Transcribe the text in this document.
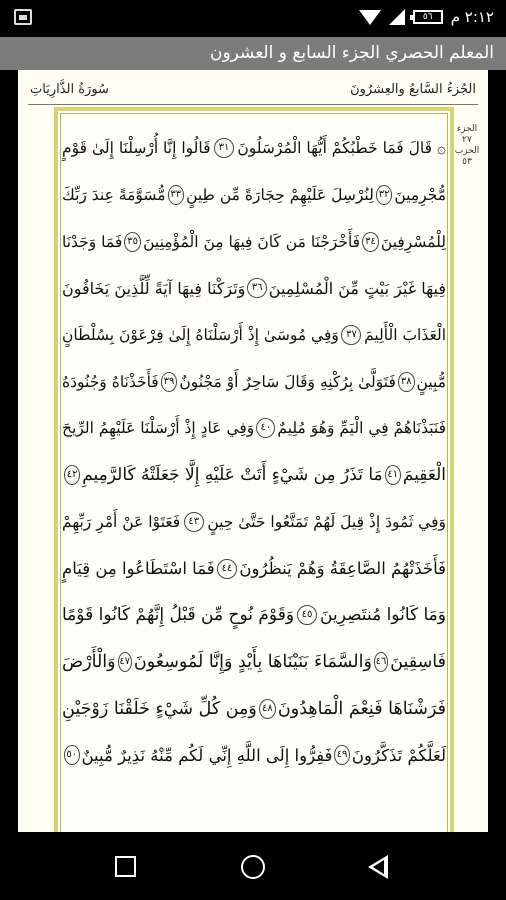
٢:١٢ م
٥٦
المعلم الحصري الجزء السابع و العشرون
الجُزءُ السَّابعُ والعِشرُونَ
سُورَةُ الذَّارِيَاتِ
الجزء ٢٧ الحزب ٥٣
۞ قَالَ فَمَا خَطْبُكُمْ أَيُّهَا الْمُرْسَلُونَ
٣١
قَالُوا إِنَّا أُرْسِلْنَا إِلَىٰ قَوْمٍ
مُّجْرِمِينَ
٣٢
لِنُرْسِلَ عَلَيْهِمْ حِجَارَةً مِّن طِينٍ
٣٣
مُّسَوَّمَةً عِندَ رَبِّكَ
لِلْمُسْرِفِينَ
٣٤
فَأَخْرَجْنَا مَن كَانَ فِيهَا مِنَ الْمُؤْمِنِينَ
٣٥
فَمَا وَجَدْنَا
فِيهَا غَيْرَ بَيْتٍ مِّنَ الْمُسْلِمِينَ
٣٦
وَتَرَكْنَا فِيهَا آيَةً لِّلَّذِينَ يَخَافُونَ
الْعَذَابَ الْأَلِيمَ
٣٧
وَفِي مُوسَىٰ إِذْ أَرْسَلْنَاهُ إِلَىٰ فِرْعَوْنَ بِسُلْطَانٍ
مُّبِينٍ
٣٨
فَتَوَلَّىٰ بِرُكْنِهِ وَقَالَ سَاحِرٌ أَوْ مَجْنُونٌ
٣٩
فَأَخَذْنَاهُ وَجُنُودَهُ
فَنَبَذْنَاهُمْ فِي الْيَمِّ وَهُوَ مُلِيمٌ
٤٠
وَفِي عَادٍ إِذْ أَرْسَلْنَا عَلَيْهِمُ الرِّيحَ
الْعَقِيمَ
٤١
مَا تَذَرُ مِن شَيْءٍ أَتَتْ عَلَيْهِ إِلَّا جَعَلَتْهُ كَالرَّمِيمِ
٤٢
وَفِي ثَمُودَ إِذْ قِيلَ لَهُمْ تَمَتَّعُوا حَتَّىٰ حِينٍ
٤٣
فَعَتَوْا عَنْ أَمْرِ رَبِّهِمْ
فَأَخَذَتْهُمُ الصَّاعِقَةُ وَهُمْ يَنظُرُونَ
٤٤
فَمَا اسْتَطَاعُوا مِن قِيَامٍ
وَمَا كَانُوا مُنتَصِرِينَ
٤٥
وَقَوْمَ نُوحٍ مِّن قَبْلُ إِنَّهُمْ كَانُوا قَوْمًا
فَاسِقِينَ
٤٦
وَالسَّمَاءَ بَنَيْنَاهَا بِأَيْدٍ وَإِنَّا لَمُوسِعُونَ
٤٧
وَالْأَرْضَ
فَرَشْنَاهَا فَنِعْمَ الْمَاهِدُونَ
٤٨
وَمِن كُلِّ شَيْءٍ خَلَقْنَا زَوْجَيْنِ
لَعَلَّكُمْ تَذَكَّرُونَ
٤٩
فَفِرُّوا إِلَى اللَّهِ إِنِّي لَكُم مِّنْهُ نَذِيرٌ مُّبِينٌ
٥٠
